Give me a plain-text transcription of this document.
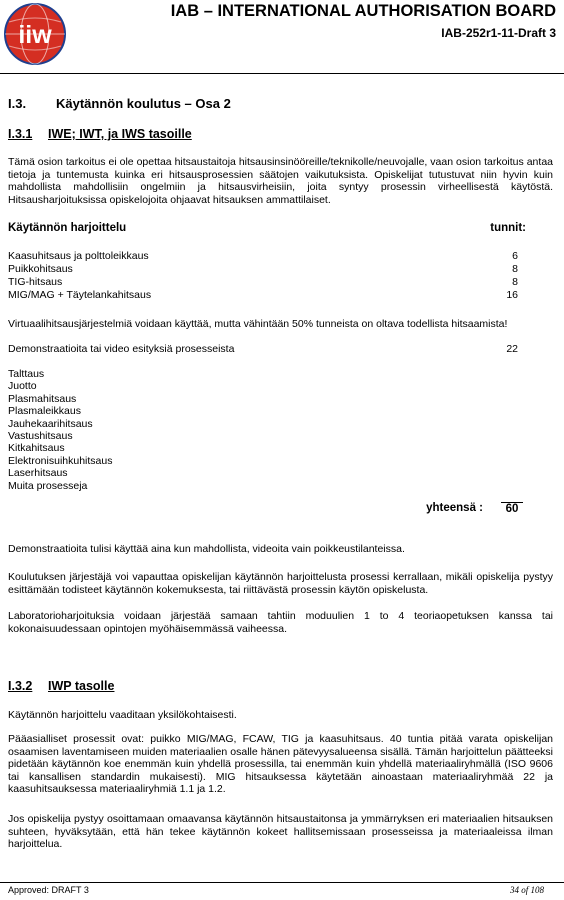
iiw
IAB – INTERNATIONAL AUTHORISATION BOARD
IAB-252r1-11-Draft 3
I.3. Käytännön koulutus – Osa 2
I.3.1 IWE; IWT, ja IWS tasoille
Tämä osion tarkoitus ei ole opettaa hitsaustaitoja hitsausinsinööreille/teknikolle/neuvojalle, vaan osion tarkoitus antaa tietoja ja tuntemusta kuinka eri hitsausprosessien säätojen vaikutuksista. Opiskelijat tutustuvat niin hyvin kuin mahdollista mahdollisiin ongelmiin ja hitsausvirheisiin, joita syntyy prosessin virheellisestä käytöstä. Hitsausharjoituksissa opiskelojoita ohjaavat hitsauksen ammattilaiset.
Käytännön harjoittelu	tunnit:
Kaasuhitsaus ja polttoleikkaus	6
Puikkohitsaus	8
TIG-hitsaus	8
MIG/MAG + Täytelankahitsaus	16
Virtuaalihitsausjärjestelmiä voidaan käyttää, mutta vähintään 50% tunneista on oltava todellista hitsaamista!
Demonstraatioita tai video esityksiä prosesseista	22
Talttaus
Juotto
Plasmahitsaus
Plasmaleikkaus
Jauhekaarihitsaus
Vastushitsaus
Kitkahitsaus
Elektronisuihkuhitsaus
Laserhitsaus
Muita prosesseja
yhteensä :	60
Demonstraatioita tulisi käyttää aina kun mahdollista, videoita vain poikkeustilanteissa.
Koulutuksen järjestäjä voi vapauttaa opiskelijan käytännön harjoittelusta prosessi kerrallaan, mikäli opiskelija pystyy esittämään todisteet käytännön kokemuksesta, tai riittävästä prosessin käytön opiskelusta.
Laboratorioharjoituksia voidaan järjestää samaan tahtiin moduulien 1 to 4 teoriaopetuksen kanssa tai kokonaisuudessaan opintojen myöhäisemmässä vaiheessa.
I.3.2 IWP tasolle
Käytännön harjoittelu vaaditaan yksilökohtaisesti.
Pääasialliset prosessit ovat: puikko MIG/MAG, FCAW, TIG ja kaasuhitsaus. 40 tuntia pitää varata opiskelijan osaamisen laventamiseen muiden materiaalien osalle hänen pätevyysalueensa sisällä. Tämän harjoittelun päätteeksi pidetään käytännön koe enemmän kuin yhdellä prosessilla, tai enemmän kuin yhdellä materiaaliryhmällä (ISO 9606 tai kansallisen standardin mukaisesti). MIG hitsauksessa käytetään ainoastaan materiaaliryhmää 22 ja kaasuhitsauksessa materiaaliryhmiä 1.1 ja 1.2.
Jos opiskelija pystyy osoittamaan omaavansa käytännön hitsaustaitonsa ja ymmärryksen eri materiaalien hitsauksen suhteen, hyväksytään, että hän tekee käytännön kokeet hallitsemissaan prosesseissa ja materiaaleissa ilman harjoittelua.
Approved: DRAFT 3	34 of 108
